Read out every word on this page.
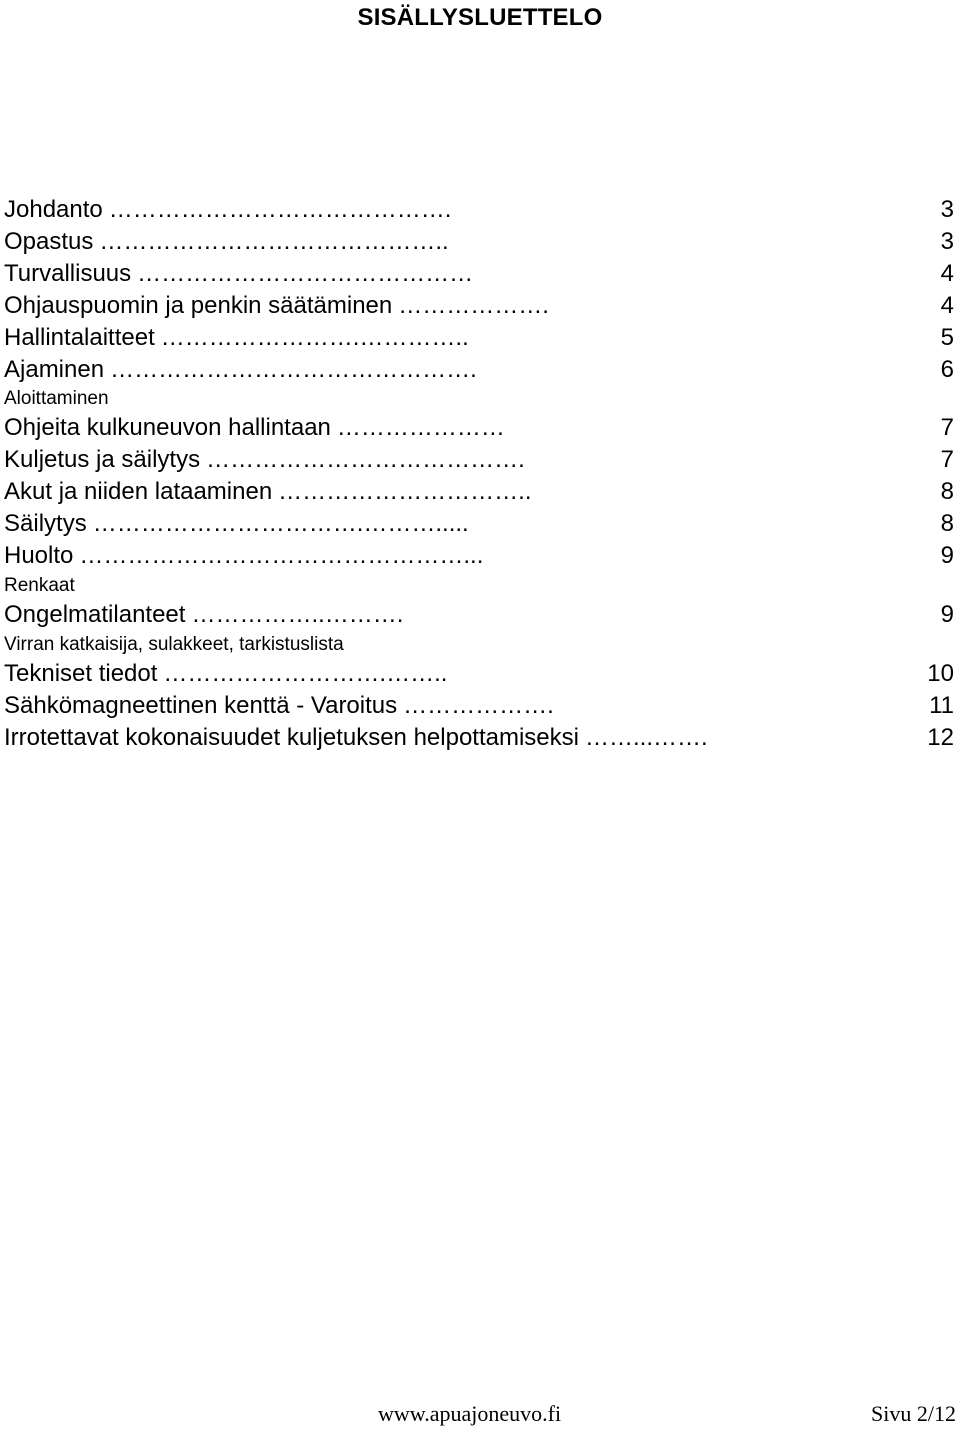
SISÄLLYSLUETTELO
Johdanto …………………………………….	3
Opastus ……………………………………..	3
Turvallisuus ……………………………………	4
Ohjauspuomin ja penkin säätäminen ……………….	4
Hallintalaitteet …………………….…………..	5
Ajaminen ……………………………………….	6
Aloittaminen
Ohjeita kulkuneuvon hallintaan …………………	7
Kuljetus ja säilytys ………………………………….	7
Akut ja niiden lataaminen …………………………..	8
Säilytys …………………………….……….....	8
Huolto …………………………………………...	9
Renkaat
Ongelmatilanteet ……………..……….	9
Virran katkaisija, sulakkeet, tarkistuslista
Tekniset tiedot ……………………….……..	10
Sähkömagneettinen kenttä - Varoitus ……………….	11
Irrotettavat kokonaisuudet kuljetuksen helpottamiseksi ……...…….	12
www.apuajoneuvo.fi	Sivu 2/12
